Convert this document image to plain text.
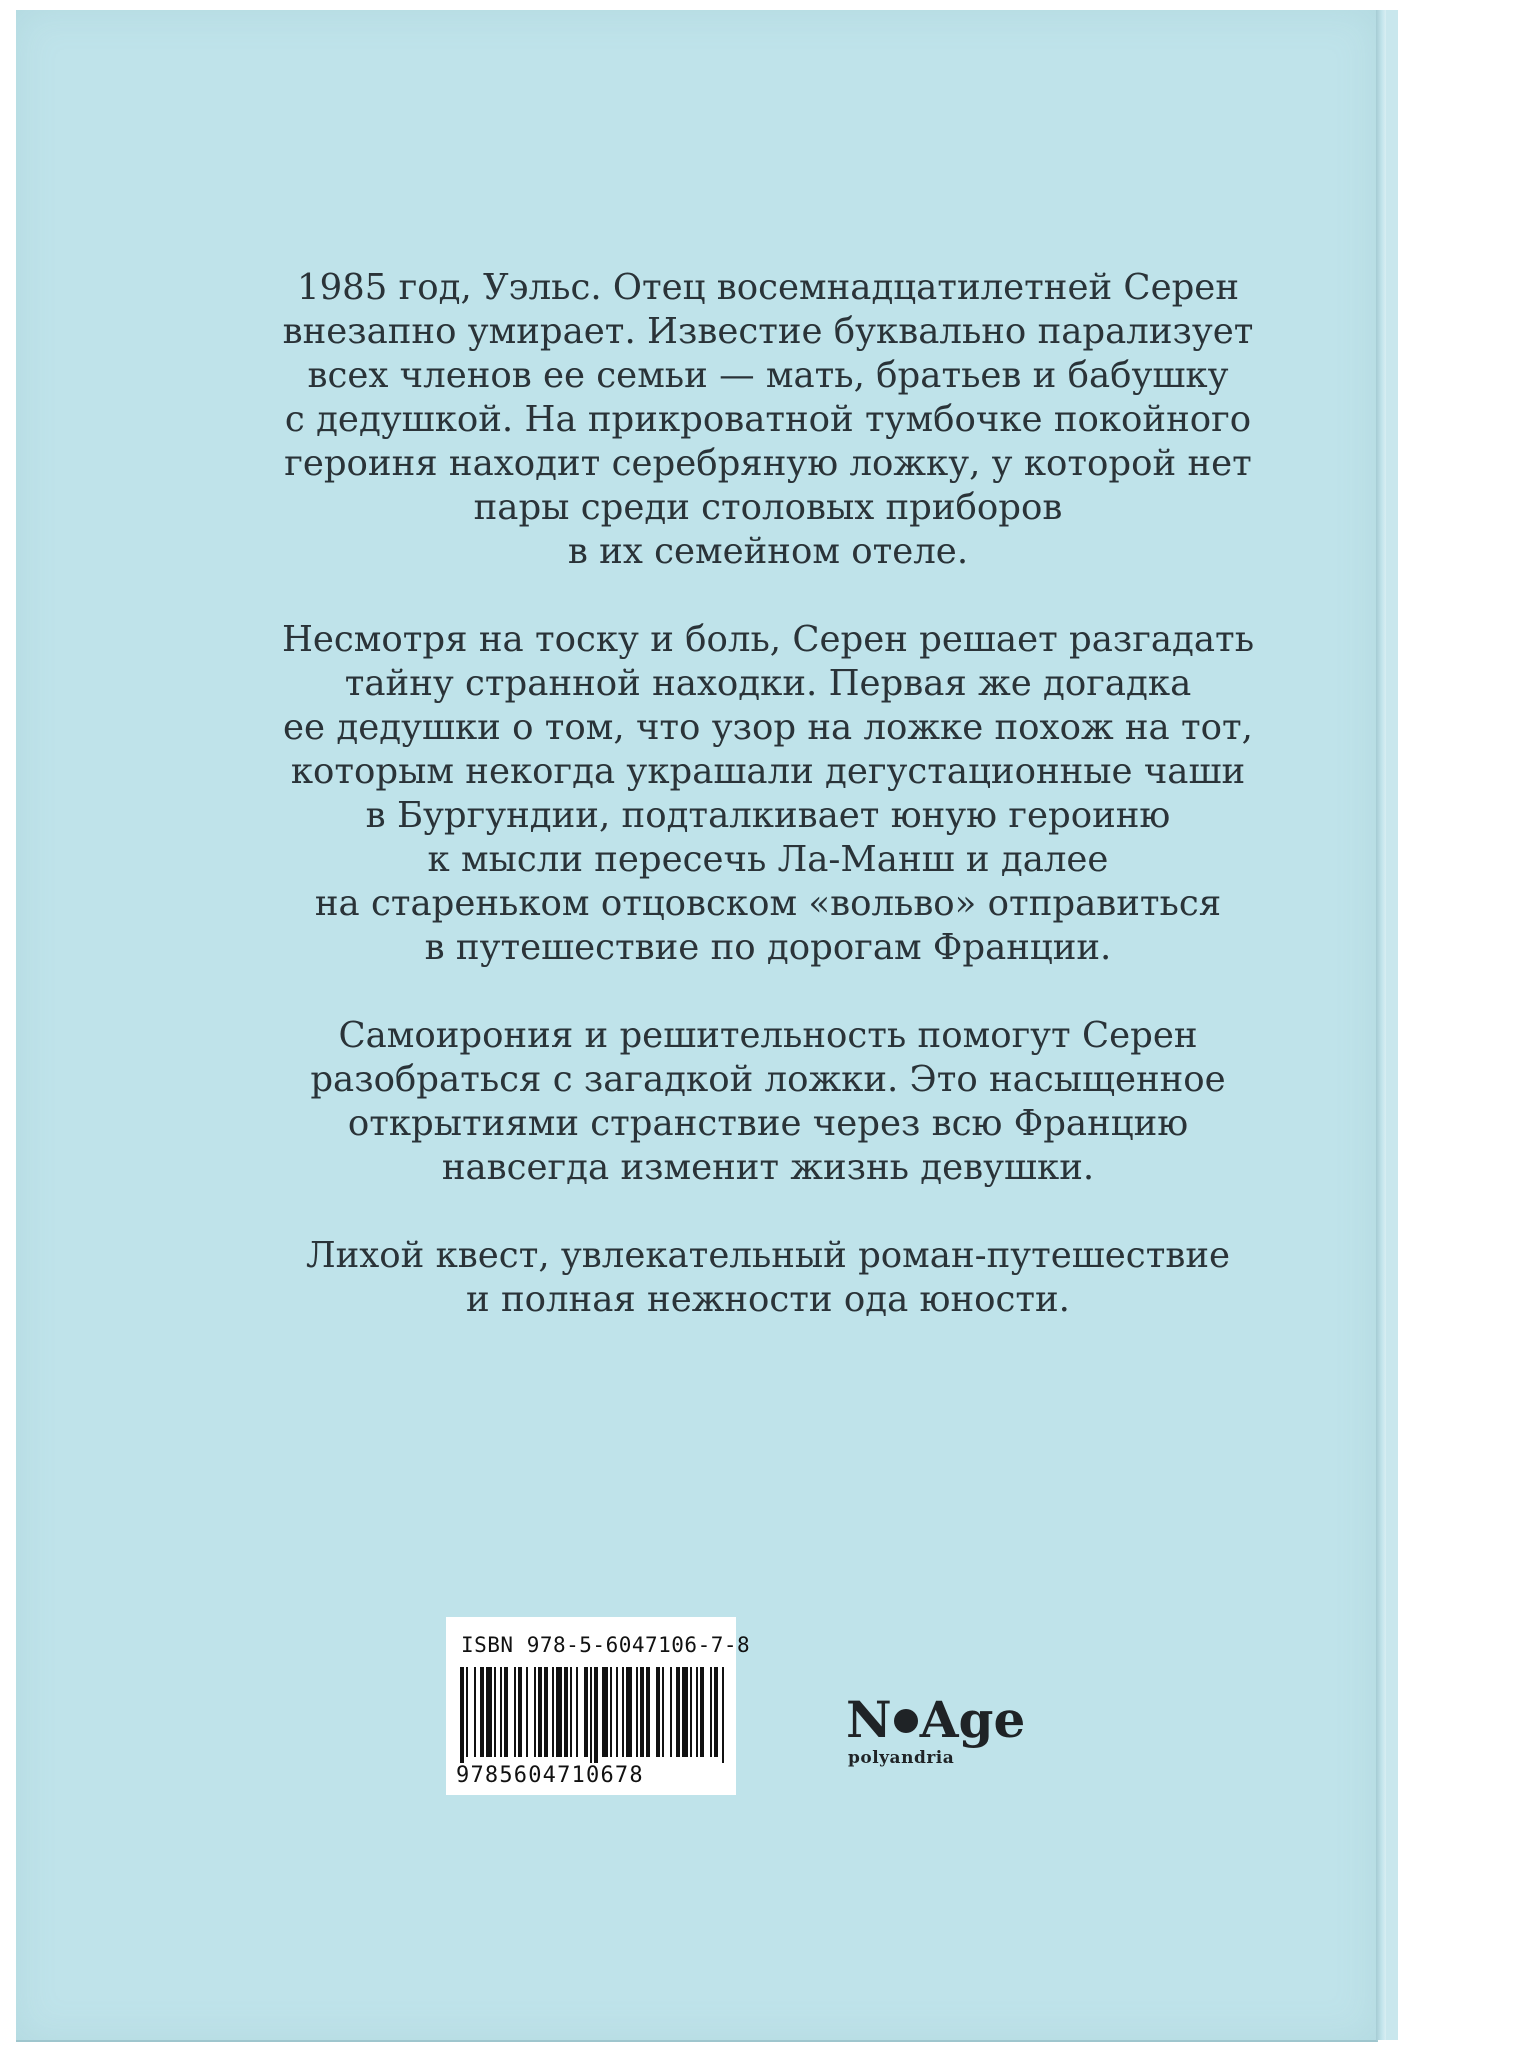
1985 год, Уэльс. Отец восемнадцатилетней Серен
внезапно умирает. Известие буквально парализует
всех членов ее семьи — мать, братьев и бабушку
с дедушкой. На прикроватной тумбочке покойного
героиня находит серебряную ложку, у которой нет
пары среди столовых приборов
в их семейном отеле.

Несмотря на тоску и боль, Серен решает разгадать
тайну странной находки. Первая же догадка
ее дедушки о том, что узор на ложке похож на тот,
которым некогда украшали дегустационные чаши
в Бургундии, подталкивает юную героиню
к мысли пересечь Ла-Манш и далее
на стареньком отцовском «вольво» отправиться
в путешествие по дорогам Франции.

Самоирония и решительность помогут Серен
разобраться с загадкой ложки. Это насыщенное
открытиями странствие через всю Францию
навсегда изменит жизнь девушки.

Лихой квест, увлекательный роман-путешествие
и полная нежности ода юности.

ISBN 978-5-6047106-7-8
9785604710678
N Age
polyandria
